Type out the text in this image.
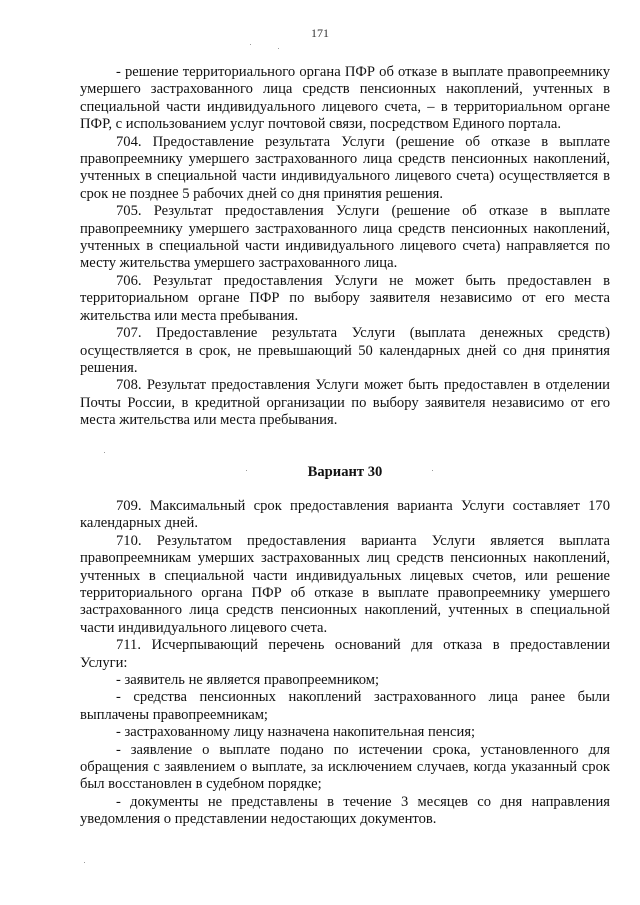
171

- решение территориального органа ПФР об отказе в выплате правопреемнику умершего застрахованного лица средств пенсионных накоплений, учтенных в специальной части индивидуального лицевого счета, – в территориальном органе ПФР, с использованием услуг почтовой связи, посредством Единого портала.

704. Предоставление результата Услуги (решение об отказе в выплате правопреемнику умершего застрахованного лица средств пенсионных накоплений, учтенных в специальной части индивидуального лицевого счета) осуществляется в срок не позднее 5 рабочих дней со дня принятия решения.

705. Результат предоставления Услуги (решение об отказе в выплате правопреемнику умершего застрахованного лица средств пенсионных накоплений, учтенных в специальной части индивидуального лицевого счета) направляется по месту жительства умершего застрахованного лица.

706. Результат предоставления Услуги не может быть предоставлен в территориальном органе ПФР по выбору заявителя независимо от его места жительства или места пребывания.

707. Предоставление результата Услуги (выплата денежных средств) осуществляется в срок, не превышающий 50 календарных дней со дня принятия решения.

708. Результат предоставления Услуги может быть предоставлен в отделении Почты России, в кредитной организации по выбору заявителя независимо от его места жительства или места пребывания.

Вариант 30

709. Максимальный срок предоставления варианта Услуги составляет 170 календарных дней.

710. Результатом предоставления варианта Услуги является выплата правопреемникам умерших застрахованных лиц средств пенсионных накоплений, учтенных в специальной части индивидуальных лицевых счетов, или решение территориального органа ПФР об отказе в выплате правопреемнику умершего застрахованного лица средств пенсионных накоплений, учтенных в специальной части индивидуального лицевого счета.

711. Исчерпывающий перечень оснований для отказа в предоставлении Услуги:

- заявитель не является правопреемником;

- средства пенсионных накоплений застрахованного лица ранее были выплачены правопреемникам;

- застрахованному лицу назначена накопительная пенсия;

- заявление о выплате подано по истечении срока, установленного для обращения с заявлением о выплате, за исключением случаев, когда указанный срок был восстановлен в судебном порядке;

- документы не представлены в течение 3 месяцев со дня направления уведомления о представлении недостающих документов.
